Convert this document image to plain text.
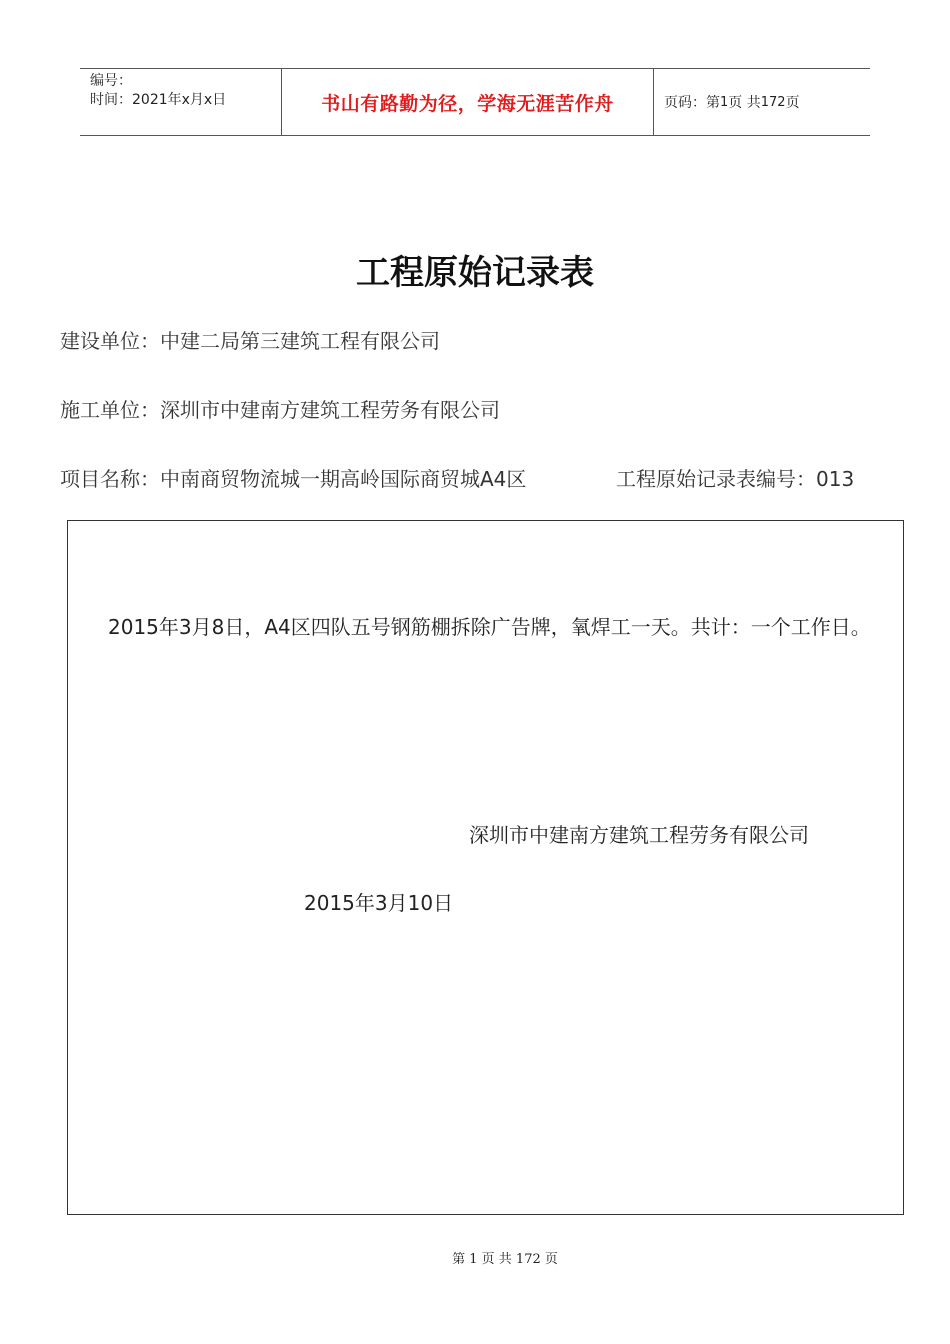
编号：
时间：2021年x月x日	书山有路勤为径，学海无涯苦作舟	页码：第 1 页 共 172 页
工程原始记录表
建设单位：中建二局第三建筑工程有限公司
施工单位：深圳市中建南方建筑工程劳务有限公司
项目名称：中南商贸物流城一期高岭国际商贸城A4区	工程原始记录表编号：013
2015年3月8日，A4区四队五号钢筋棚拆除广告牌，氧焊工一天。共计：一个工作日。
深圳市中建南方建筑工程劳务有限公司
2015年3月10日
第 1 页 共 172 页
